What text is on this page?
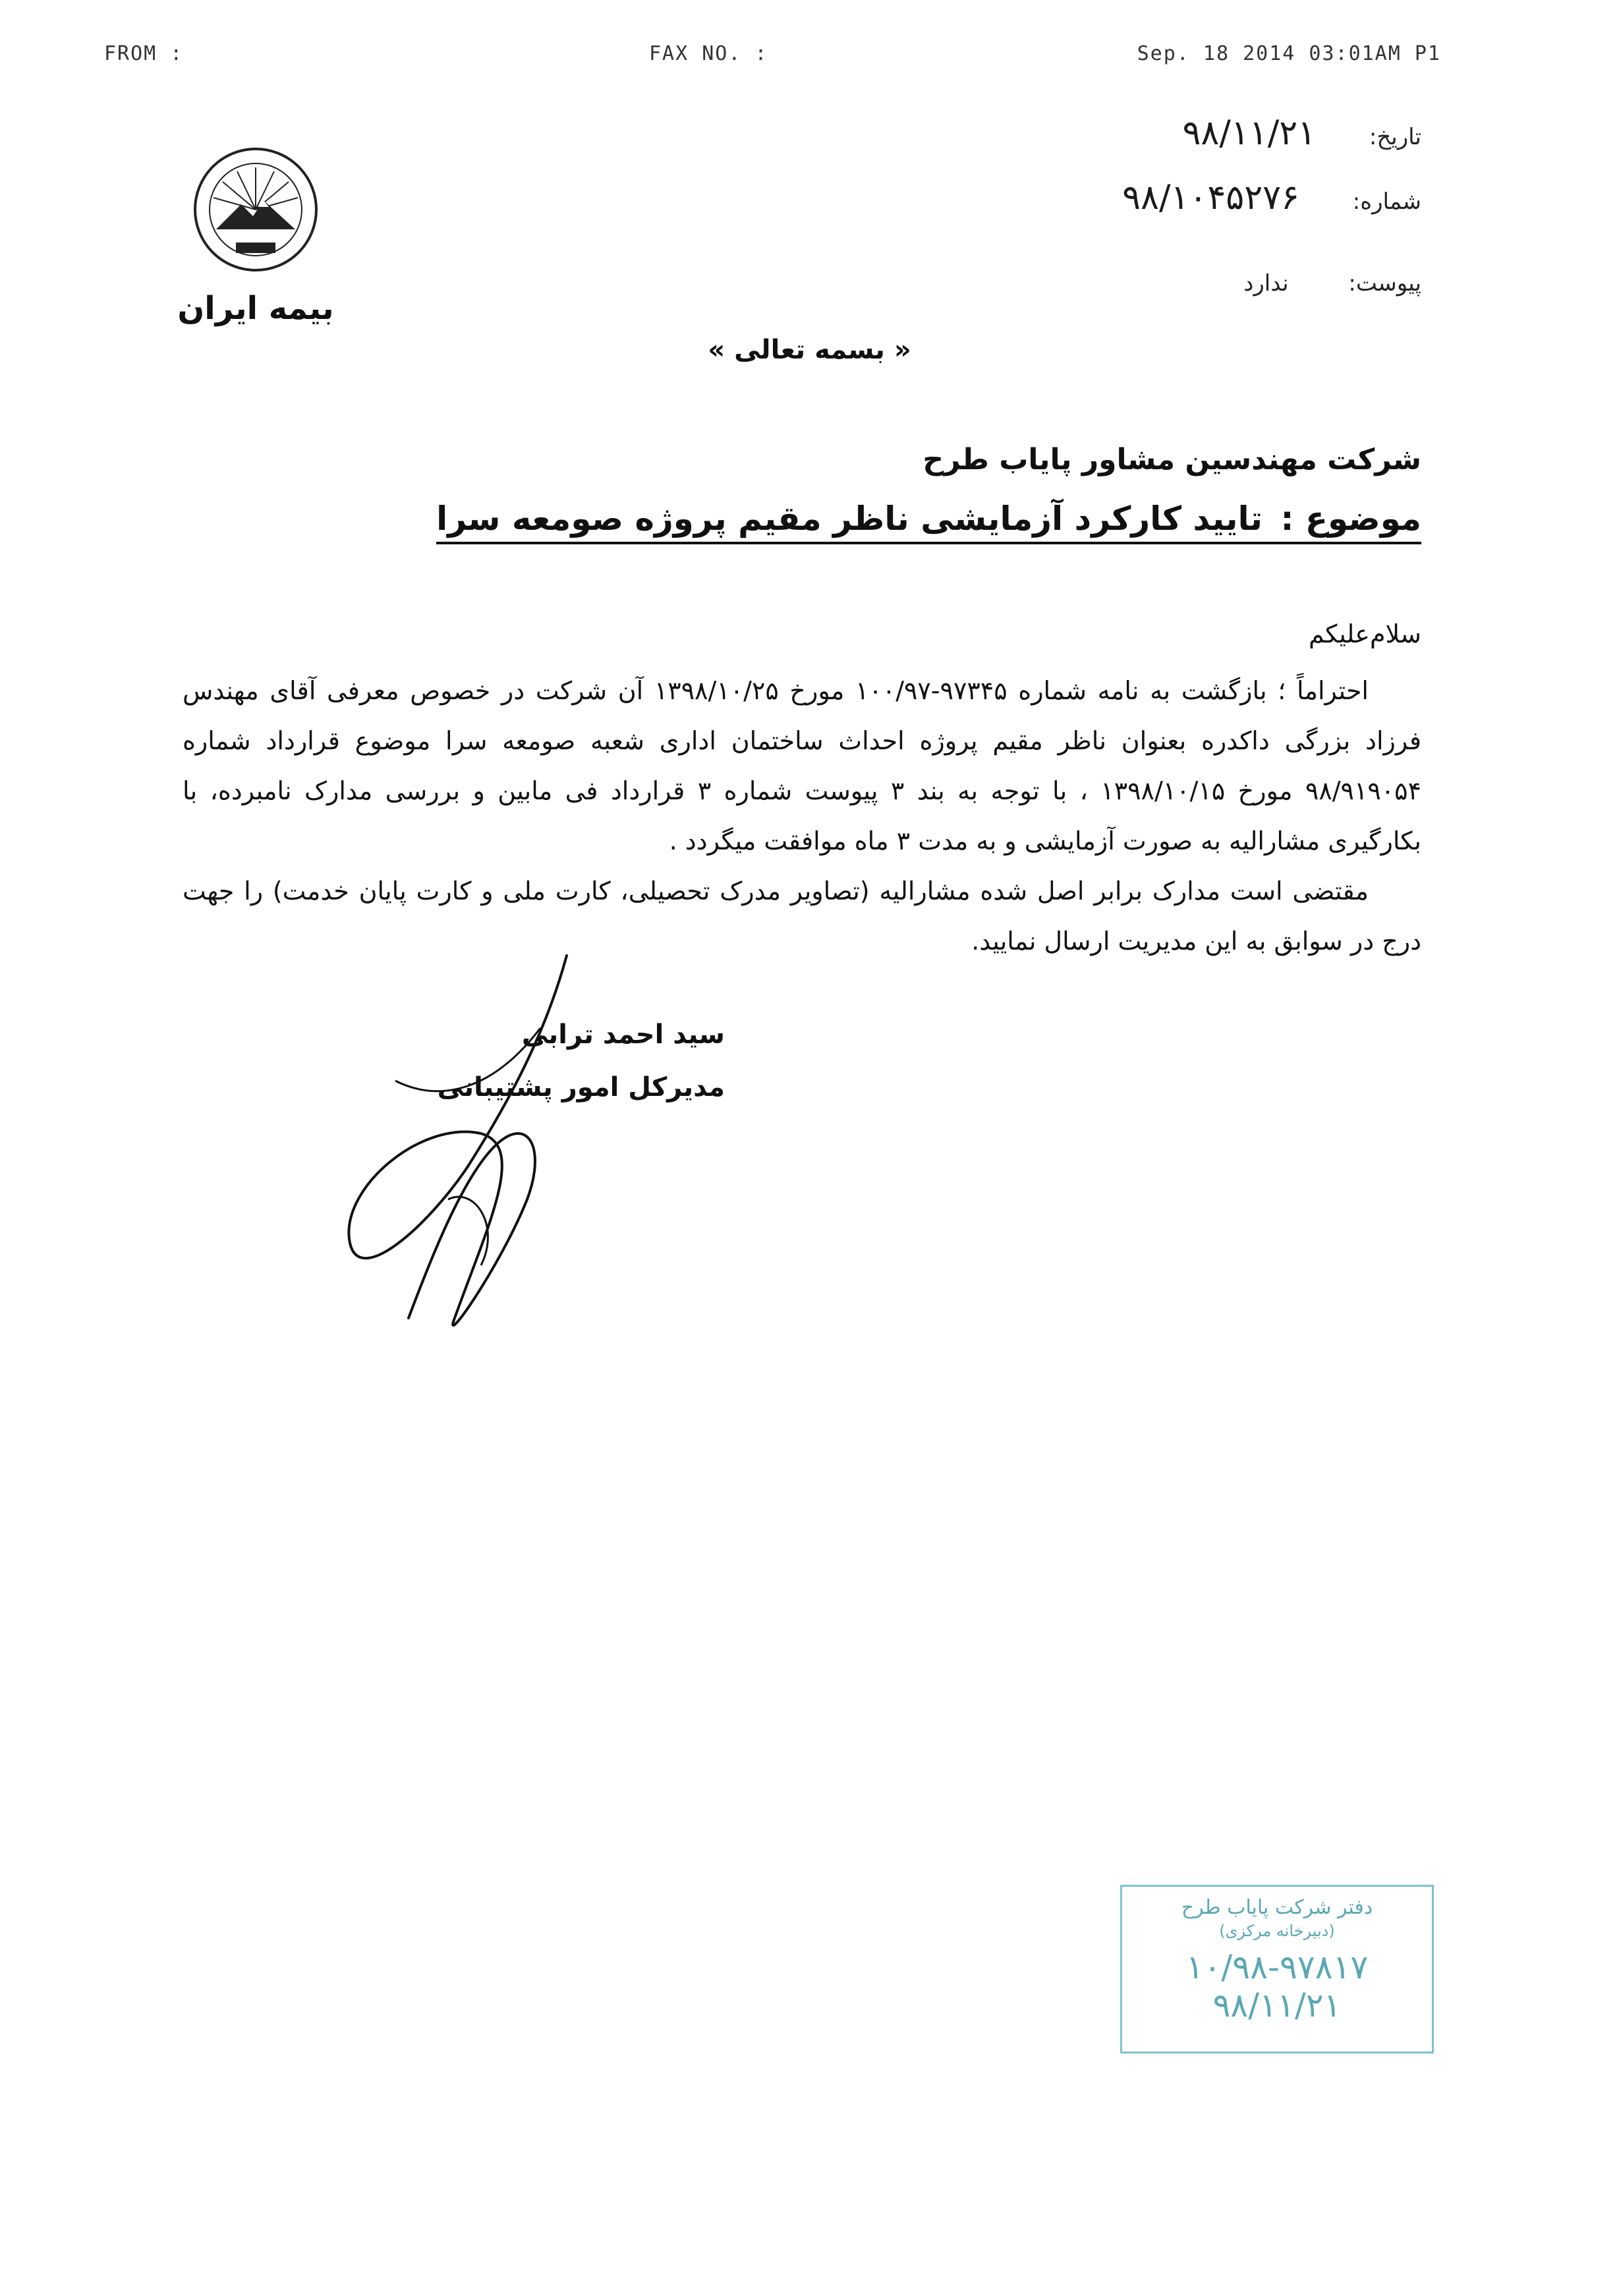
FROM :	FAX NO. :	Sep. 18 2014 03:01AM P1
بیمه ایران
تاریخ: ۹۸/۱۱/۲۱
شماره: ۹۸/۱۰۴۵۲۷۶
پیوست: ندارد
« بسمه تعالی »
شرکت مهندسین مشاور پایاب طرح
موضوع : تایید کارکرد آزمایشی ناظر مقیم پروژه صومعه سرا
سلام‌علیکم

احتراماً ؛ بازگشت به نامه شماره ۹۷۳۴۵-۱۰۰/۹۷ مورخ ۱۳۹۸/۱۰/۲۵ آن شرکت در خصوص معرفی آقای مهندس فرزاد بزرگی داکدره بعنوان ناظر مقیم پروژه احداث ساختمان اداری شعبه صومعه سرا موضوع قرارداد شماره ۹۸/۹۱۹۰۵۴ مورخ ۱۳۹۸/۱۰/۱۵ ، با توجه به بند ۳ پیوست شماره ۳ قرارداد فی مابین و بررسی مدارک نامبرده، با بکارگیری مشارالیه به صورت آزمایشی و به مدت ۳ ماه موافقت میگردد .

مقتضی است مدارک برابر اصل شده مشارالیه (تصاویر مدرک تحصیلی، کارت ملی و کارت پایان خدمت) را جهت درج در سوابق به این مدیریت ارسال نمایید.

سید احمد ترابی
مدیرکل امور پشتیبانی
دفتر شرکت پایاب طرح
(دبیرخانه مرکزی)
۱۰/۹۸-۹۷۸۱۷
۹۸/۱۱/۲۱
